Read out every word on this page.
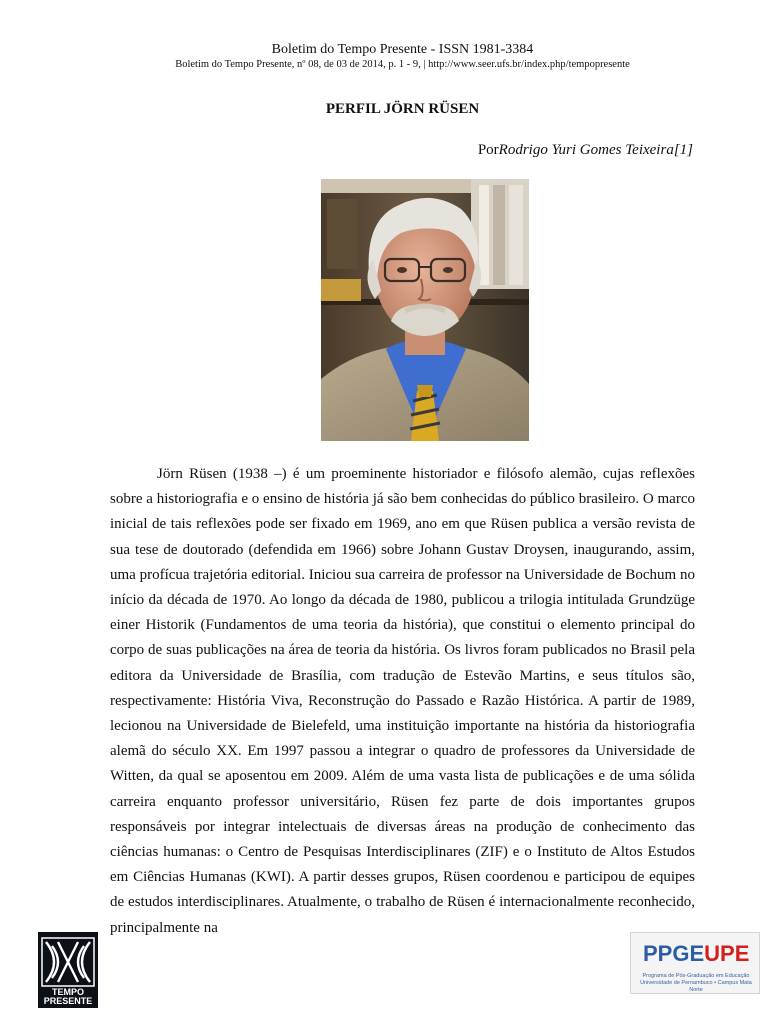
Boletim do Tempo Presente - ISSN 1981-3384
Boletim do Tempo Presente, nº 08, de 03 de 2014, p. 1 - 9, | http://www.seer.ufs.br/index.php/tempopresente
PERFIL JÖRN RÜSEN
PorRodrigo Yuri Gomes Teixeira[1]

Jörn Rüsen (1938 –) é um proeminente historiador e filósofo alemão, cujas reflexões sobre a historiografia e o ensino de história já são bem conhecidas do público brasileiro. O marco inicial de tais reflexões pode ser fixado em 1969, ano em que Rüsen publica a versão revista de sua tese de doutorado (defendida em 1966) sobre Johann Gustav Droysen, inaugurando, assim, uma profícua trajetória editorial. Iniciou sua carreira de professor na Universidade de Bochum no início da década de 1970. Ao longo da década de 1980, publicou a trilogia intitulada Grundzüge einer Historik (Fundamentos de uma teoria da história), que constitui o elemento principal do corpo de suas publicações na área de teoria da história. Os livros foram publicados no Brasil pela editora da Universidade de Brasília, com tradução de Estevão Martins, e seus títulos são, respectivamente: História Viva, Reconstrução do Passado e Razão Histórica. A partir de 1989, lecionou na Universidade de Bielefeld, uma instituição importante na história da historiografia alemã do século XX. Em 1997 passou a integrar o quadro de professores da Universidade de Witten, da qual se aposentou em 2009. Além de uma vasta lista de publicações e de uma sólida carreira enquanto professor universitário, Rüsen fez parte de dois importantes grupos responsáveis por integrar intelectuais de diversas áreas na produção de conhecimento das ciências humanas: o Centro de Pesquisas Interdisciplinares (ZIF) e o Instituto de Altos Estudos em Ciências Humanas (KWI). A partir desses grupos, Rüsen coordenou e participou de equipes de estudos interdisciplinares. Atualmente, o trabalho de Rüsen é internacionalmente reconhecido, principalmente na

TEMPO
PRESENTE
PPGEUPE
Programa de Pós-Graduação em Educação
Universidade de Pernambuco • Campus Mata Norte
